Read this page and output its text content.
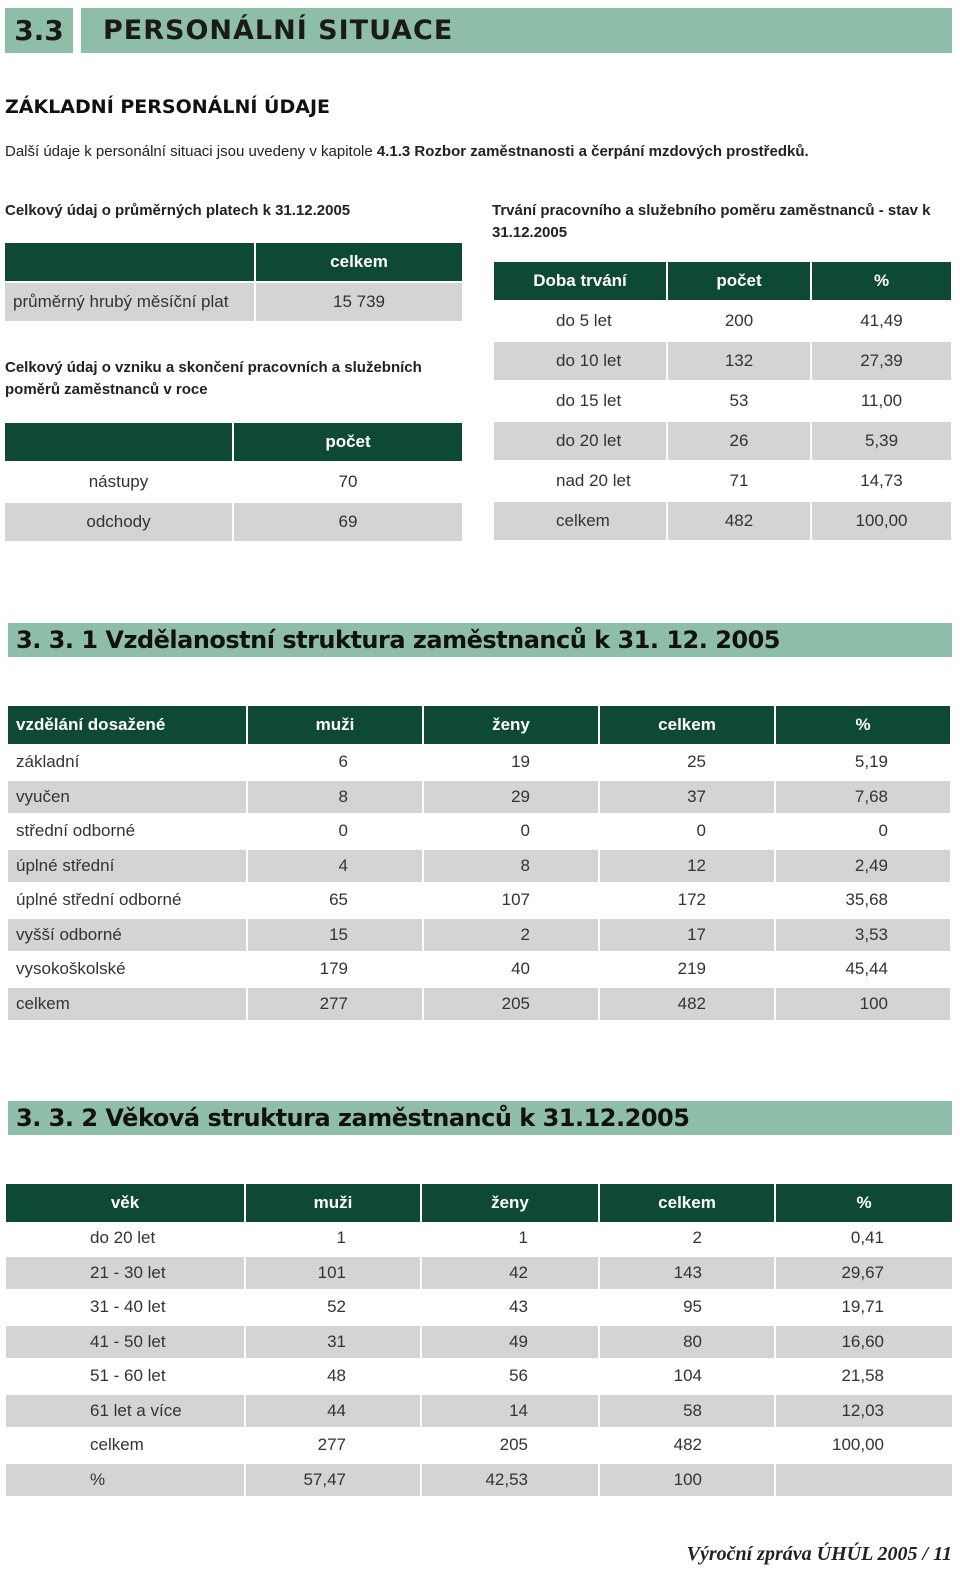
3.3	PERSONÁLNÍ SITUACE
ZÁKLADNÍ PERSONÁLNÍ ÚDAJE
Další údaje k personální situaci jsou uvedeny v kapitole 4.1.3 Rozbor zaměstnanosti a čerpání mzdových prostředků.
Celkový údaj o průměrných platech k 31.12.2005
celkem
průměrný hrubý měsíční plat	15 739
Celkový údaj o vzniku a skončení pracovních a služebních poměrů zaměstnanců v roce
počet
nástupy	70
odchody	69
Trvání pracovního a služebního poměru zaměstnanců - stav k 31.12.2005
Doba trvání	počet	%
do 5 let	200	41,49
do 10 let	132	27,39
do 15 let	53	11,00
do 20 let	26	5,39
nad 20 let	71	14,73
celkem	482	100,00
3. 3. 1 Vzdělanostní struktura zaměstnanců k 31. 12. 2005
vzdělání dosažené	muži	ženy	celkem	%
základní	6	19	25	5,19
vyučen	8	29	37	7,68
střední odborné	0	0	0	0
úplné střední	4	8	12	2,49
úplné střední odborné	65	107	172	35,68
vyšší odborné	15	2	17	3,53
vysokoškolské	179	40	219	45,44
celkem	277	205	482	100
3. 3. 2 Věková struktura zaměstnanců k 31.12.2005
věk	muži	ženy	celkem	%
do 20 let	1	1	2	0,41
21 - 30 let	101	42	143	29,67
31 - 40 let	52	43	95	19,71
41 - 50 let	31	49	80	16,60
51 - 60 let	48	56	104	21,58
61 let a více	44	14	58	12,03
celkem	277	205	482	100,00
%	57,47	42,53	100
Výroční zpráva ÚHÚL 2005 / 11
